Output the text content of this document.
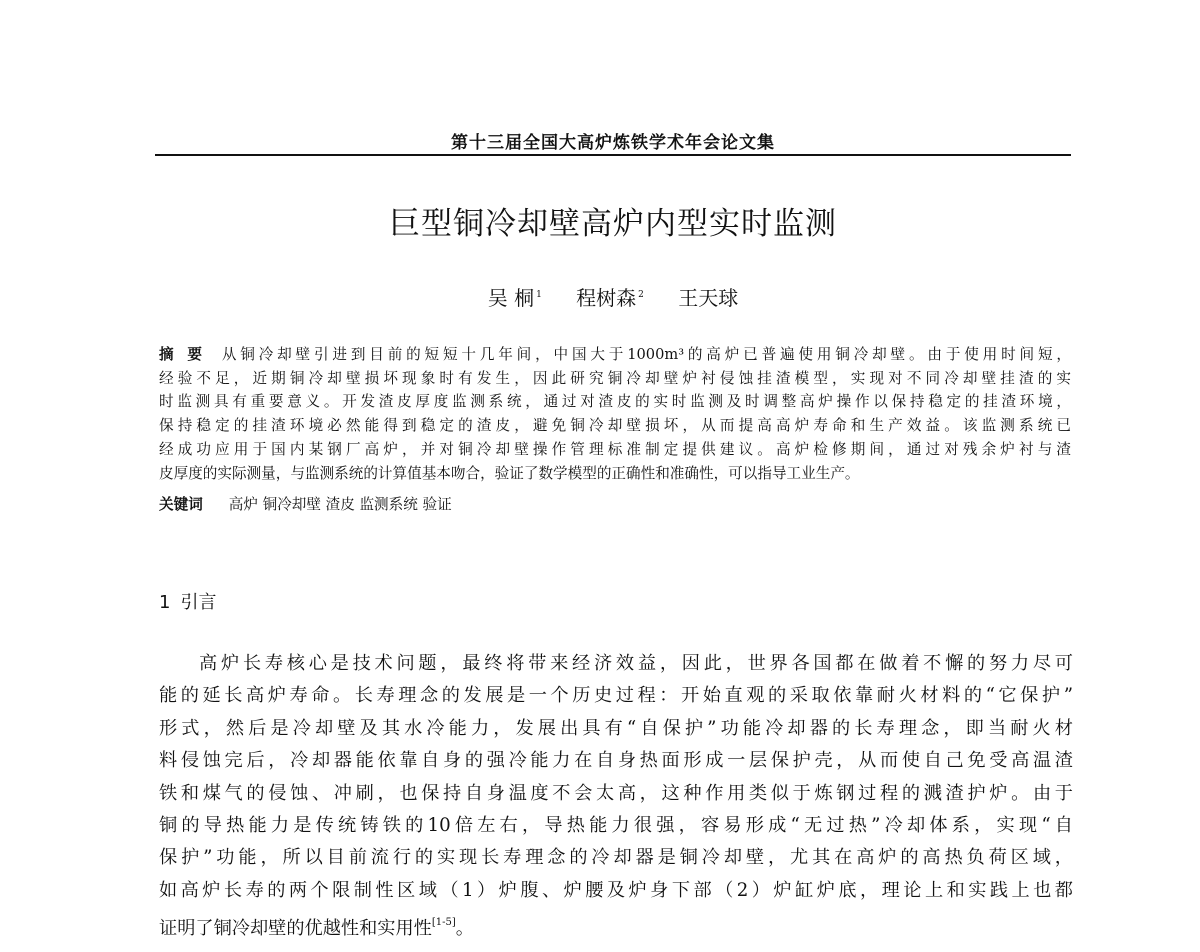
第十三届全国大高炉炼铁学术年会论文集
巨型铜冷却壁高炉内型实时监测
吴 桐 $^1$ 程树森 $^2$ 王天球
摘要 从铜冷却壁引进到目前的短短十几年间，中国大于1000m³的高炉已普遍使用铜冷却壁。由于使用时间短，
经验不足，近期铜冷却壁损坏现象时有发生，因此研究铜冷却壁炉衬侵蚀挂渣模型，实现对不同冷却壁挂渣的实
时监测具有重要意义。开发渣皮厚度监测系统，通过对渣皮的实时监测及时调整高炉操作以保持稳定的挂渣环境，
保持稳定的挂渣环境必然能得到稳定的渣皮，避免铜冷却壁损坏，从而提高高炉寿命和生产效益。该监测系统已
经成功应用于国内某钢厂高炉，并对铜冷却壁操作管理标准制定提供建议。高炉检修期间，通过对残余炉衬与渣
皮厚度的实际测量，与监测系统的计算值基本吻合，验证了数学模型的正确性和准确性，可以指导工业生产。
关键词 高炉 铜冷却壁 渣皮 监测系统 验证
1 引言
高炉长寿核心是技术问题，最终将带来经济效益，因此，世界各国都在做着不懈的努力尽可
能的延长高炉寿命。长寿理念的发展是一个历史过程：开始直观的采取依靠耐火材料的“它保护”
形式，然后是冷却壁及其水冷能力，发展出具有“自保护”功能冷却器的长寿理念，即当耐火材
料侵蚀完后，冷却器能依靠自身的强冷能力在自身热面形成一层保护壳，从而使自己免受高温渣
铁和煤气的侵蚀、冲刷，也保持自身温度不会太高，这种作用类似于炼钢过程的溅渣护炉。由于
铜的导热能力是传统铸铁的10倍左右，导热能力很强，容易形成“无过热”冷却体系，实现“自
保护”功能，所以目前流行的实现长寿理念的冷却器是铜冷却壁，尤其在高炉的高热负荷区域，
如高炉长寿的两个限制性区域（1）炉腹、炉腰及炉身下部（2）炉缸炉底，理论上和实践上也都
证明了铜冷却壁的优越性和实用性[1-5]。
